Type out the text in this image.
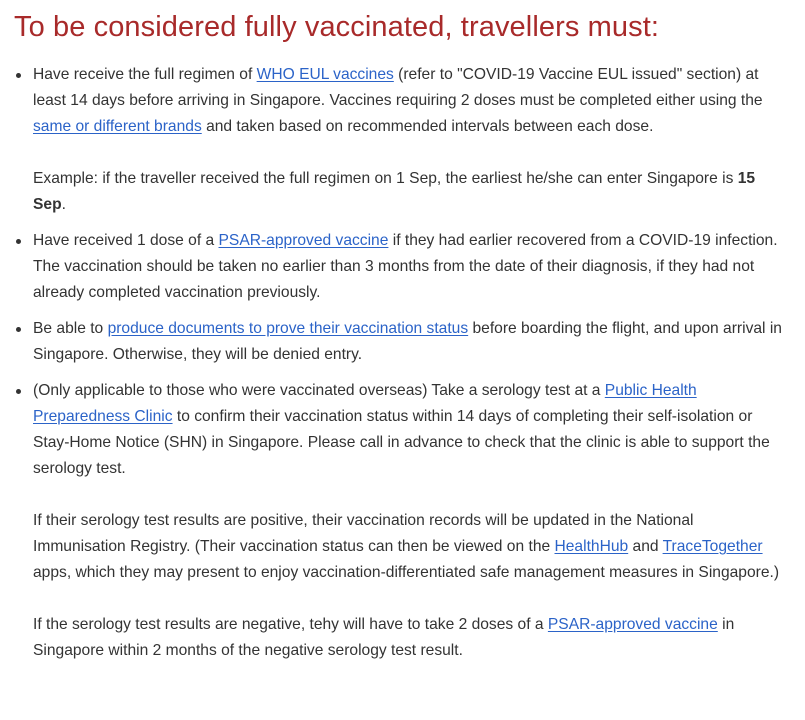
To be considered fully vaccinated, travellers must:

Have receive the full regimen of WHO EUL vaccines (refer to "COVID-19 Vaccine EUL issued" section) at least 14 days before arriving in Singapore. Vaccines requiring 2 doses must be completed either using the same or different brands and taken based on recommended intervals between each dose.

Example: if the traveller received the full regimen on 1 Sep, the earliest he/she can enter Singapore is 15 Sep.

Have received 1 dose of a PSAR-approved vaccine if they had earlier recovered from a COVID-19 infection. The vaccination should be taken no earlier than 3 months from the date of their diagnosis, if they had not already completed vaccination previously.

Be able to produce documents to prove their vaccination status before boarding the flight, and upon arrival in Singapore. Otherwise, they will be denied entry.

(Only applicable to those who were vaccinated overseas) Take a serology test at a Public Health Preparedness Clinic to confirm their vaccination status within 14 days of completing their self-isolation or Stay-Home Notice (SHN) in Singapore. Please call in advance to check that the clinic is able to support the serology test.

If their serology test results are positive, their vaccination records will be updated in the National Immunisation Registry. (Their vaccination status can then be viewed on the HealthHub and TraceTogether apps, which they may present to enjoy vaccination-differentiated safe management measures in Singapore.)

If the serology test results are negative, tehy will have to take 2 doses of a PSAR-approved vaccine in Singapore within 2 months of the negative serology test result.
